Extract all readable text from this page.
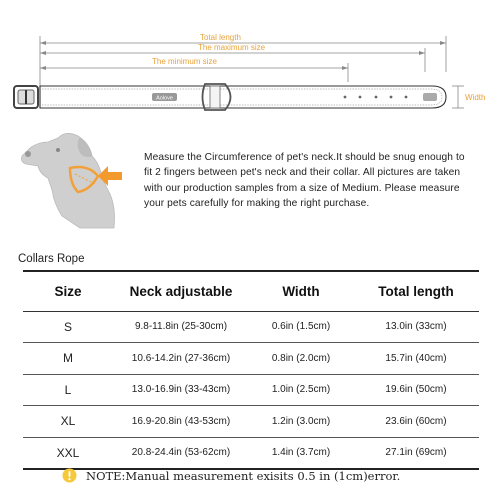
Total length
The maximum size
The minimum size
Aolove	Width

Measure the Circumference of pet's neck.It should be snug enough to fit 2 fingers between pet's neck and their collar. All pictures are taken with our production samples from a size of Medium. Please measure your pets carefully for making the right purchase.

Collars Rope
Size	Neck adjustable	Width	Total length
S	9.8-11.8in (25-30cm)	0.6in (1.5cm)	13.0in (33cm)
M	10.6-14.2in (27-36cm)	0.8in (2.0cm)	15.7in (40cm)
L	13.0-16.9in (33-43cm)	1.0in (2.5cm)	19.6in (50cm)
XL	16.9-20.8in (43-53cm)	1.2in (3.0cm)	23.6in (60cm)
XXL	20.8-24.4in (53-62cm)	1.4in (3.7cm)	27.1in (69cm)
NOTE:Manual measurement exisits 0.5 in (1cm)error.
